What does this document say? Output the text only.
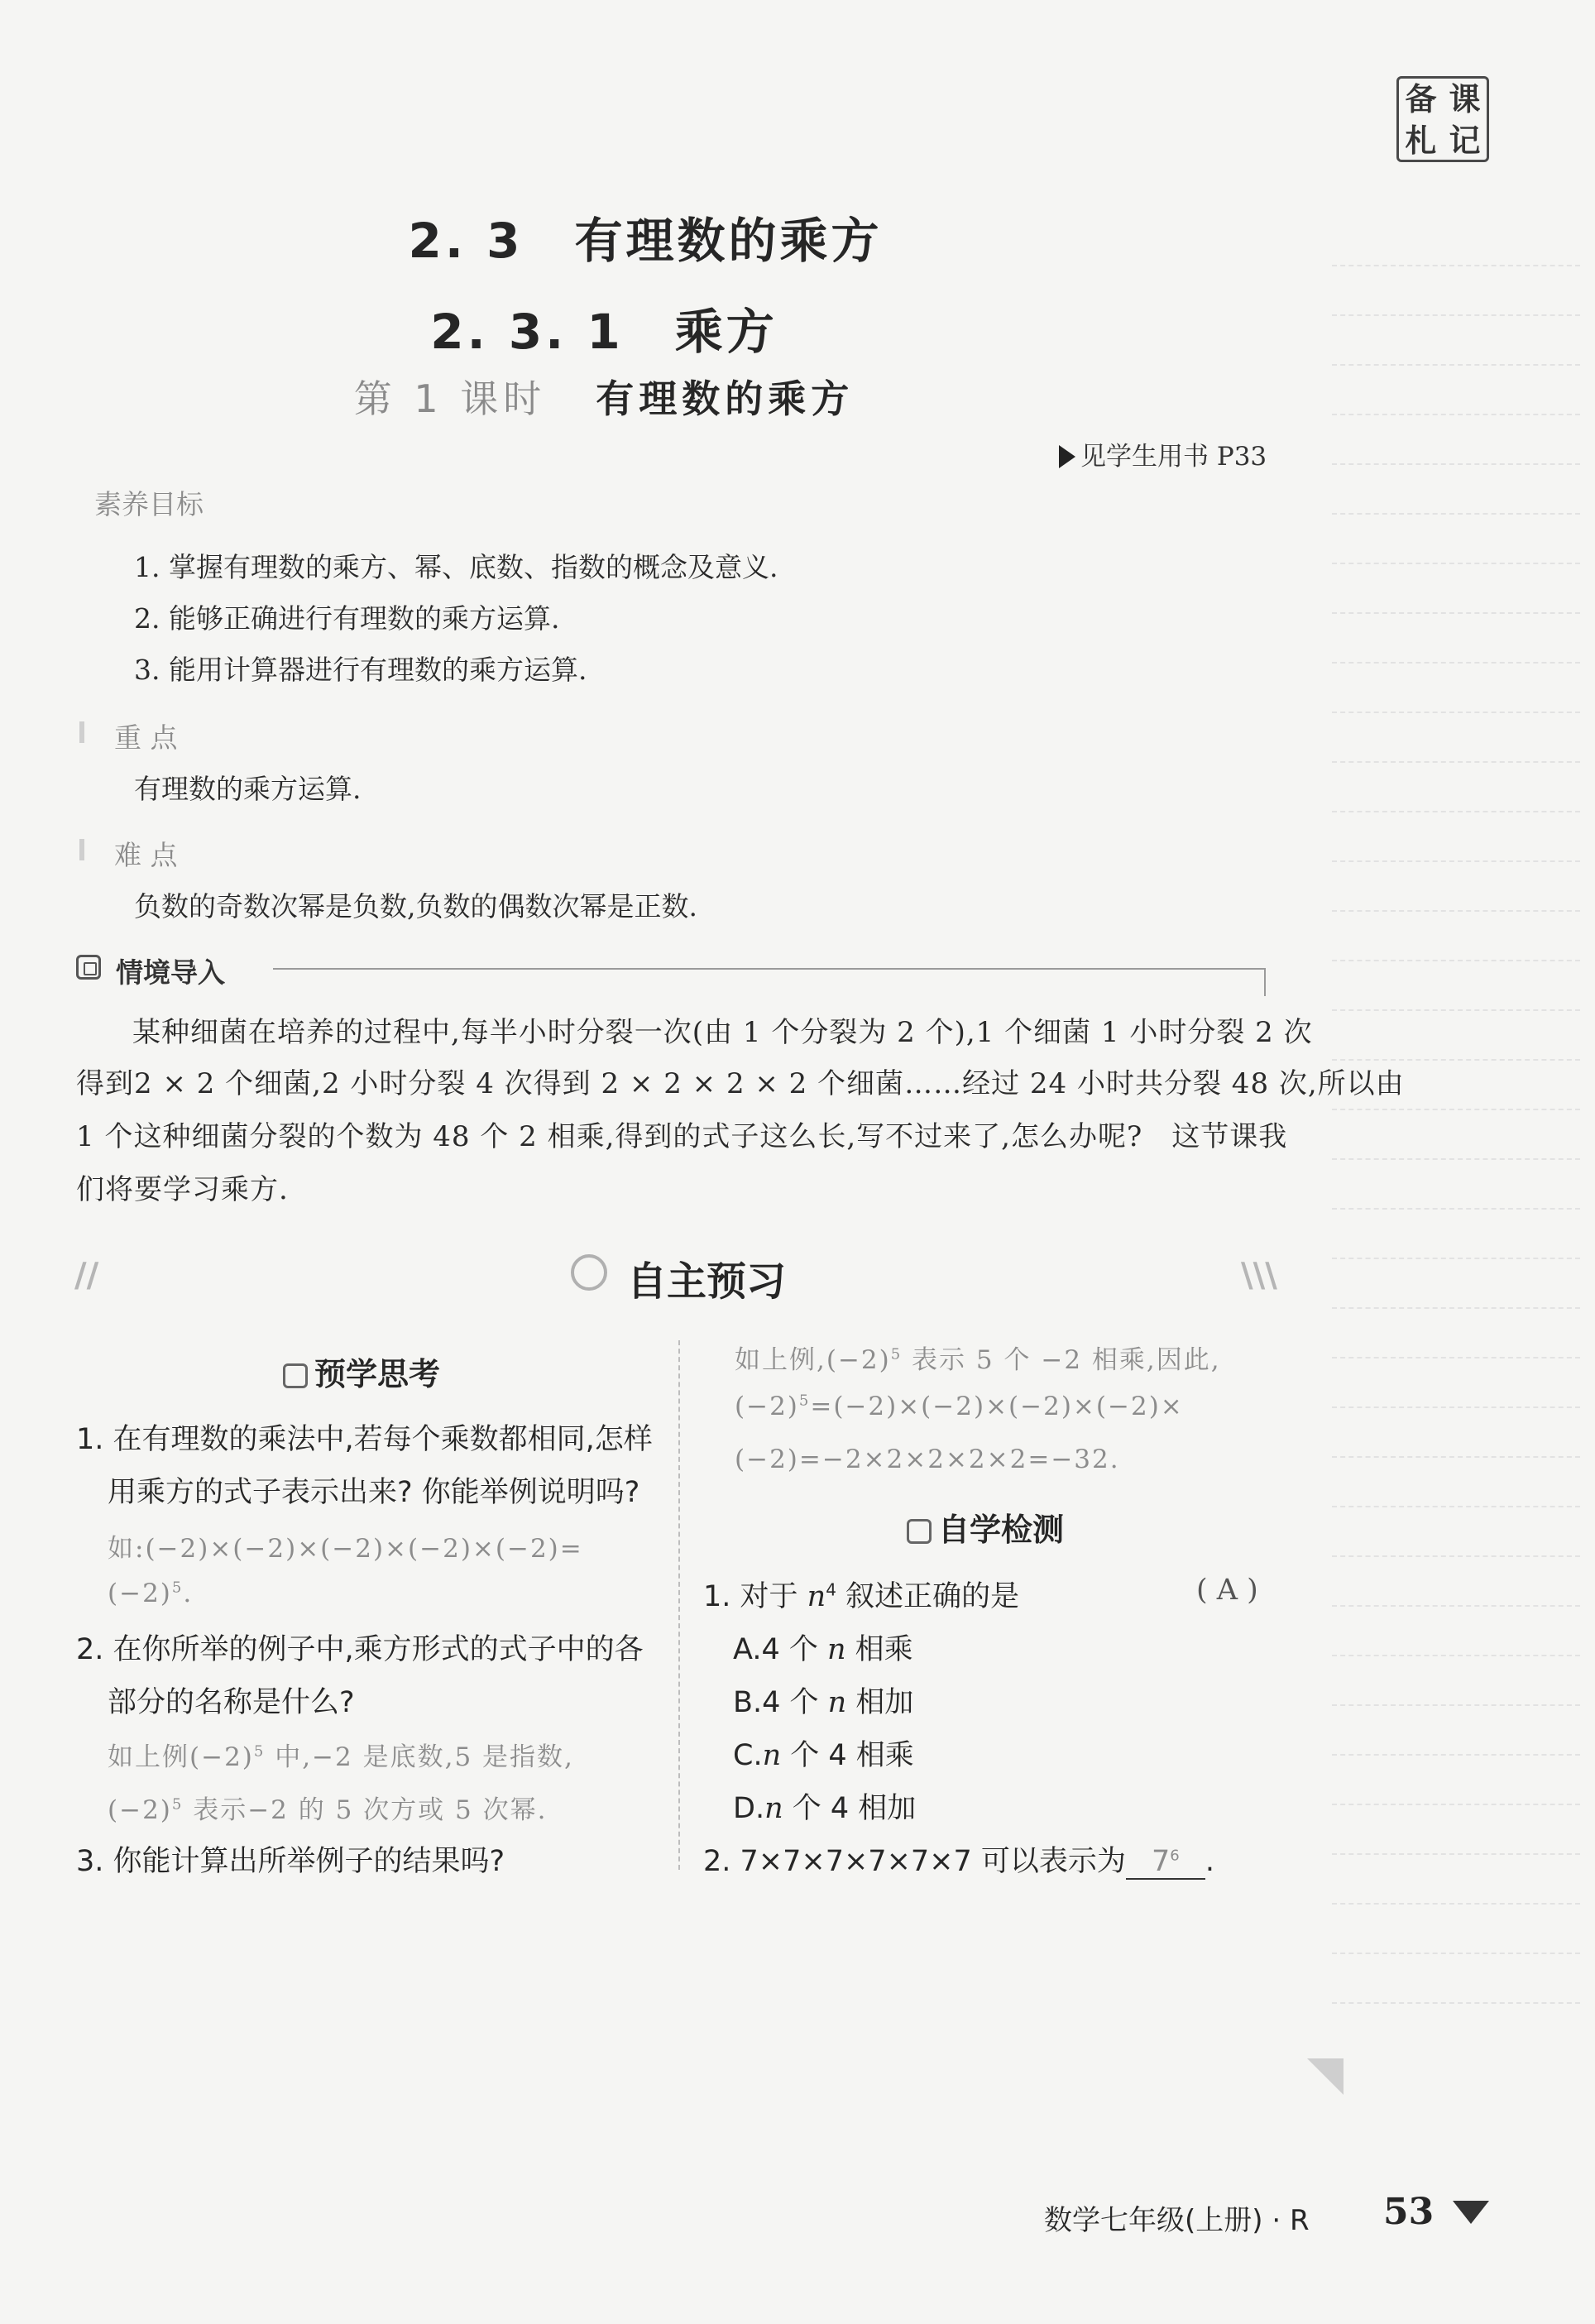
备 课
札 记
2. 3　有理数的乘方
2. 3. 1　乘方
第 1 课时 有理数的乘方
见学生用书 P33
素养目标
1. 掌握有理数的乘方、幂、底数、指数的概念及意义.
2. 能够正确进行有理数的乘方运算.
3. 能用计算器进行有理数的乘方运算.
重 点
有理数的乘方运算.
难 点
负数的奇数次幂是负数,负数的偶数次幂是正数.
情境导入
某种细菌在培养的过程中,每半小时分裂一次(由 1 个分裂为 2 个),1 个细菌 1 小时分裂 2 次
得到2 × 2 个细菌,2 小时分裂 4 次得到 2 × 2 × 2 × 2 个细菌……经过 24 小时共分裂 48 次,所以由
1 个这种细菌分裂的个数为 48 个 2 相乘,得到的式子这么长,写不过来了,怎么办呢?　这节课我
们将要学习乘方.
//	自主预习	\\\
预学思考
1. 在有理数的乘法中,若每个乘数都相同,怎样
用乘方的式子表示出来? 你能举例说明吗?
如:(−2)×(−2)×(−2)×(−2)×(−2)=
$(-2)^5$.
2. 在你所举的例子中,乘方形式的式子中的各
部分的名称是什么?
如上例$(-2)^5$ 中,−2 是底数,5 是指数,
$(-2)^5$ 表示−2 的 5 次方或 5 次幂.
3. 你能计算出所举例子的结果吗?
如上例$,(-2)^5$ 表示 5 个 −2 相乘,因此,
$(-2)^5=(-2)\times(-2)\times(-2)\times(-2)\times$
(−2)=−2×2×2×2×2=−32.
自学检测
1. 对于 $n^4$ 叙述正确的是	( A )
A.4 个 n 相乘
B.4 个 n 相加
C.n 个 4 相乘
D.n 个 4 相加
2. 7×7×7×7×7×7 可以表示为 $7^6$ .
数学七年级(上册) · R 53
